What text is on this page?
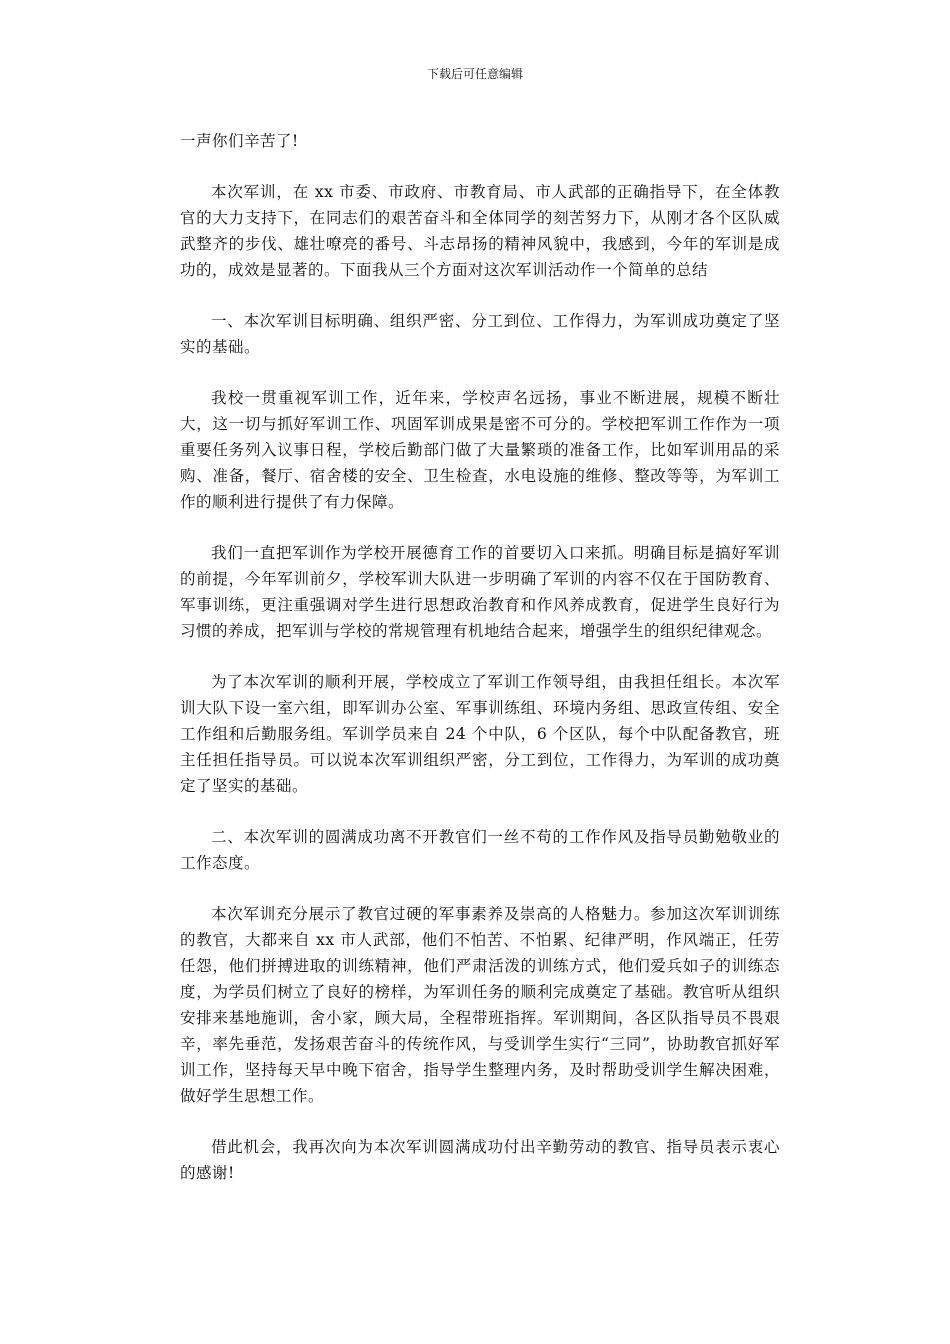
下载后可任意编辑

一声你们辛苦了!

本次军训，在 xx 市委、市政府、市教育局、市人武部的正确指导下，在全体教官的大力支持下，在同志们的艰苦奋斗和全体同学的刻苦努力下，从刚才各个区队威武整齐的步伐、雄壮嘹亮的番号、斗志昂扬的精神风貌中，我感到，今年的军训是成功的，成效是显著的。下面我从三个方面对这次军训活动作一个简单的总结

一、本次军训目标明确、组织严密、分工到位、工作得力，为军训成功奠定了坚实的基础。

我校一贯重视军训工作，近年来，学校声名远扬，事业不断进展，规模不断壮大，这一切与抓好军训工作、巩固军训成果是密不可分的。学校把军训工作作为一项重要任务列入议事日程，学校后勤部门做了大量繁琐的准备工作，比如军训用品的采购、准备，餐厅、宿舍楼的安全、卫生检查，水电设施的维修、整改等等，为军训工作的顺利进行提供了有力保障。

我们一直把军训作为学校开展德育工作的首要切入口来抓。明确目标是搞好军训的前提，今年军训前夕，学校军训大队进一步明确了军训的内容不仅在于国防教育、军事训练，更注重强调对学生进行思想政治教育和作风养成教育，促进学生良好行为习惯的养成，把军训与学校的常规管理有机地结合起来，增强学生的组织纪律观念。

为了本次军训的顺利开展，学校成立了军训工作领导组，由我担任组长。本次军训大队下设一室六组，即军训办公室、军事训练组、环境内务组、思政宣传组、安全工作组和后勤服务组。军训学员来自 24 个中队，6 个区队，每个中队配备教官，班主任担任指导员。可以说本次军训组织严密，分工到位，工作得力，为军训的成功奠定了坚实的基础。

二、本次军训的圆满成功离不开教官们一丝不苟的工作作风及指导员勤勉敬业的工作态度。

本次军训充分展示了教官过硬的军事素养及崇高的人格魅力。参加这次军训训练的教官，大都来自 xx 市人武部，他们不怕苦、不怕累、纪律严明，作风端正，任劳任怨，他们拼搏进取的训练精神，他们严肃活泼的训练方式，他们爱兵如子的训练态度，为学员们树立了良好的榜样，为军训任务的顺利完成奠定了基础。教官听从组织安排来基地施训，舍小家，顾大局，全程带班指挥。军训期间，各区队指导员不畏艰辛，率先垂范，发扬艰苦奋斗的传统作风，与受训学生实行“三同”，协助教官抓好军训工作，坚持每天早中晚下宿舍，指导学生整理内务，及时帮助受训学生解决困难，做好学生思想工作。

借此机会，我再次向为本次军训圆满成功付出辛勤劳动的教官、指导员表示衷心的感谢!
